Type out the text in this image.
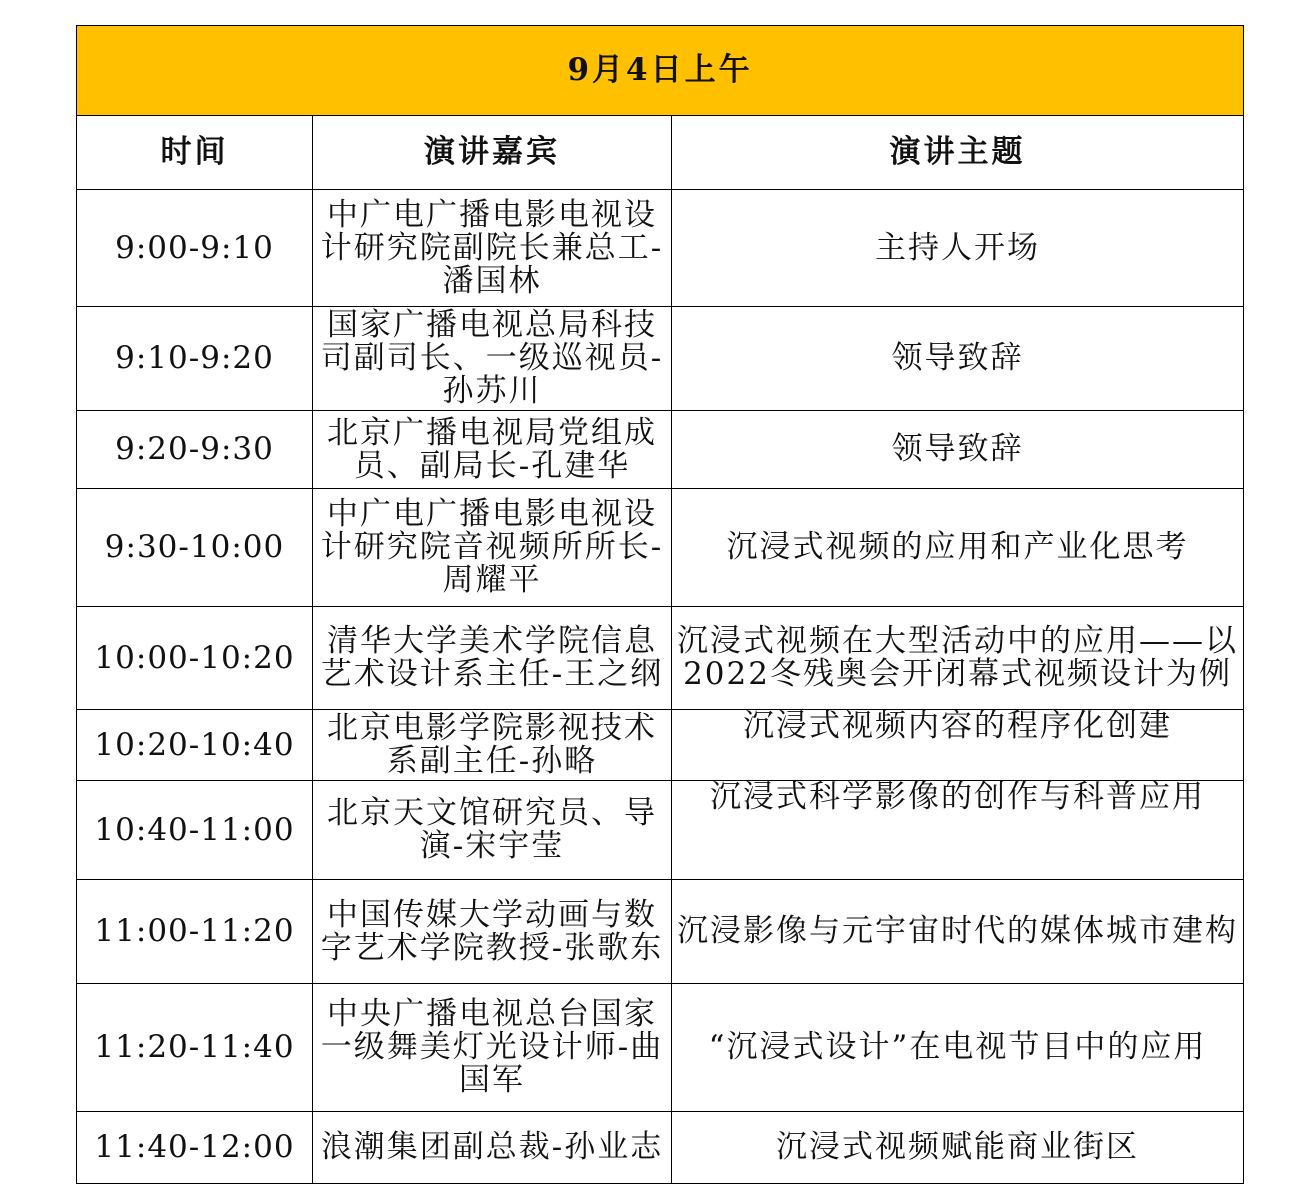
9月4日上午		
时间	演讲嘉宾	演讲主题
9:00-9:10	中广电广播电影电视设计研究院副院长兼总工-潘国林	主持人开场
9:10-9:20	国家广播电视总局科技司副司长、一级巡视员-孙苏川	领导致辞
9:20-9:30	北京广播电视局党组成员、副局长-孔建华	领导致辞
9:30-10:00	中广电广播电影电视设计研究院音视频所所长-周耀平	沉浸式视频的应用和产业化思考
10:00-10:20	清华大学美术学院信息艺术设计系主任-王之纲	沉浸式视频在大型活动中的应用——以2022冬残奥会开闭幕式视频设计为例
10:20-10:40	北京电影学院影视技术系副主任-孙略	沉浸式视频内容的程序化创建
10:40-11:00	北京天文馆研究员、导演-宋宇莹	沉浸式科学影像的创作与科普应用
11:00-11:20	中国传媒大学动画与数字艺术学院教授-张歌东	沉浸影像与元宇宙时代的媒体城市建构
11:20-11:40	中央广播电视总台国家一级舞美灯光设计师-曲国军	“沉浸式设计”在电视节目中的应用
11:40-12:00	浪潮集团副总裁-孙业志	沉浸式视频赋能商业街区
